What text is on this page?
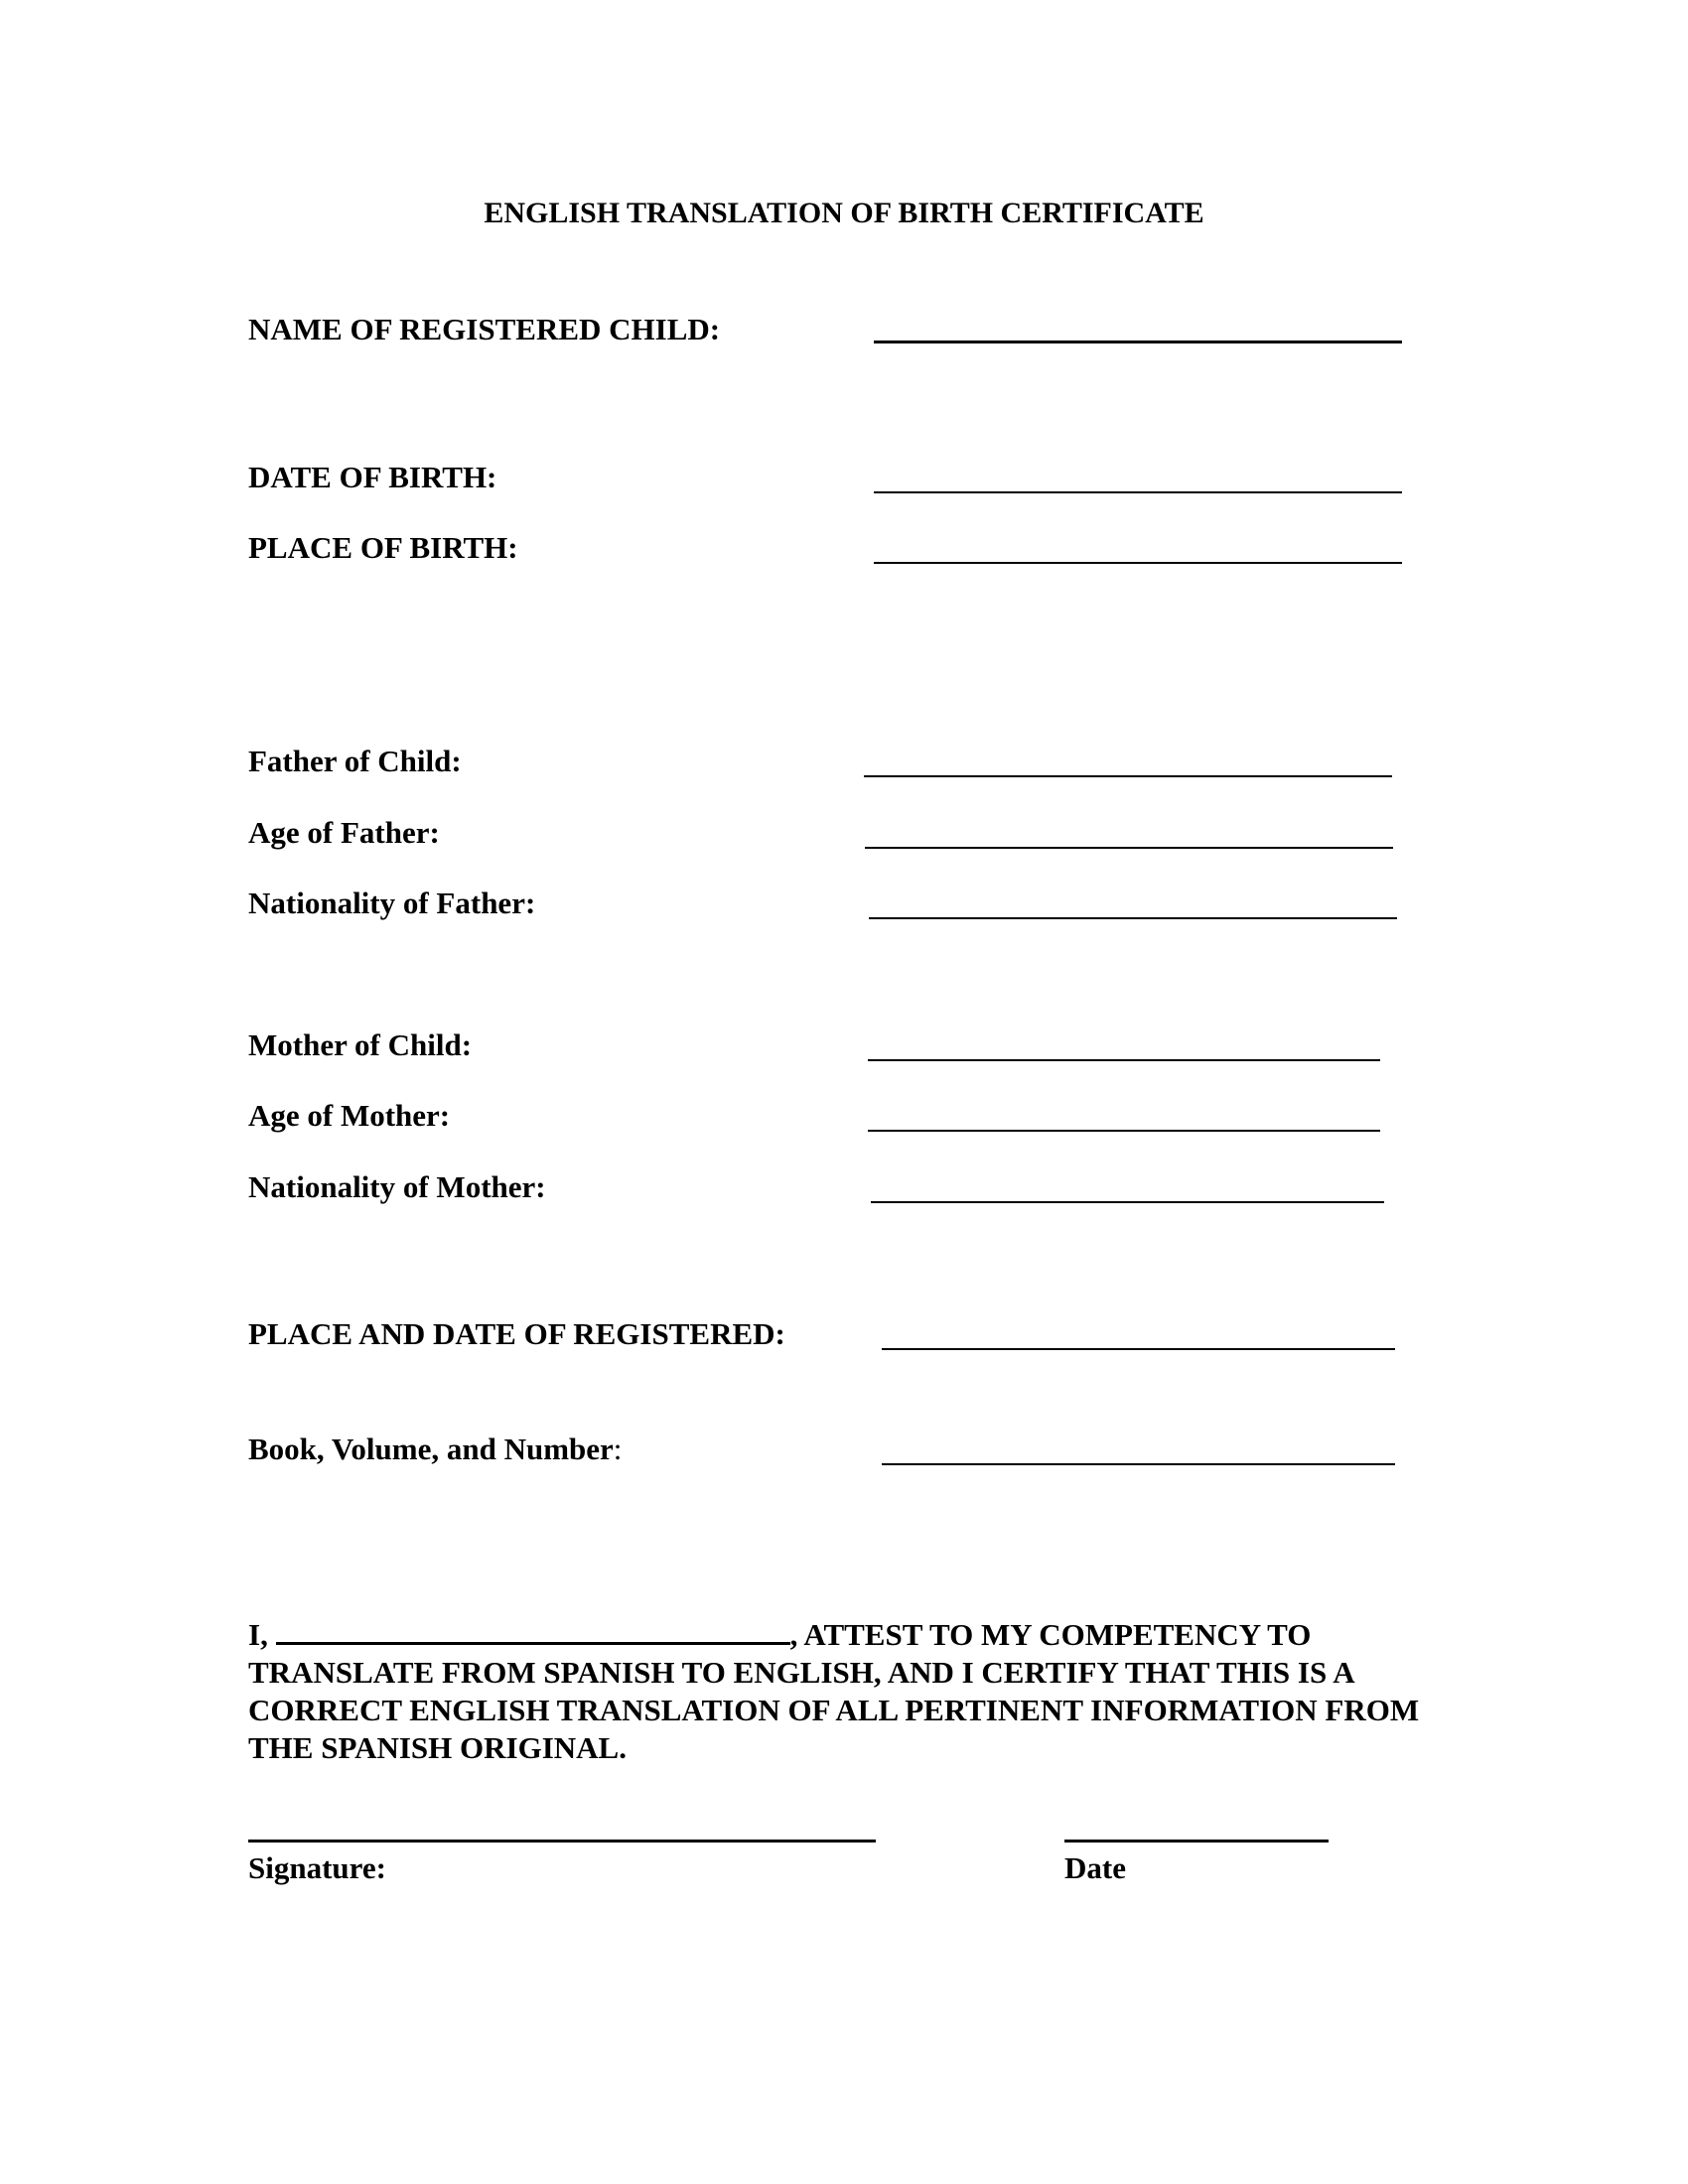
ENGLISH TRANSLATION OF BIRTH CERTIFICATE
NAME OF REGISTERED CHILD:
DATE OF BIRTH:
PLACE OF BIRTH:
Father of Child:
Age of Father:
Nationality of Father:
Mother of Child:
Age of Mother:
Nationality of Mother:
PLACE AND DATE OF REGISTERED:
Book, Volume, and Number:

I,	, ATTEST TO MY COMPETENCY TO TRANSLATE FROM SPANISH TO ENGLISH, AND I CERTIFY THAT THIS IS A CORRECT ENGLISH TRANSLATION OF ALL PERTINENT INFORMATION FROM THE SPANISH ORIGINAL.

Signature:	Date
